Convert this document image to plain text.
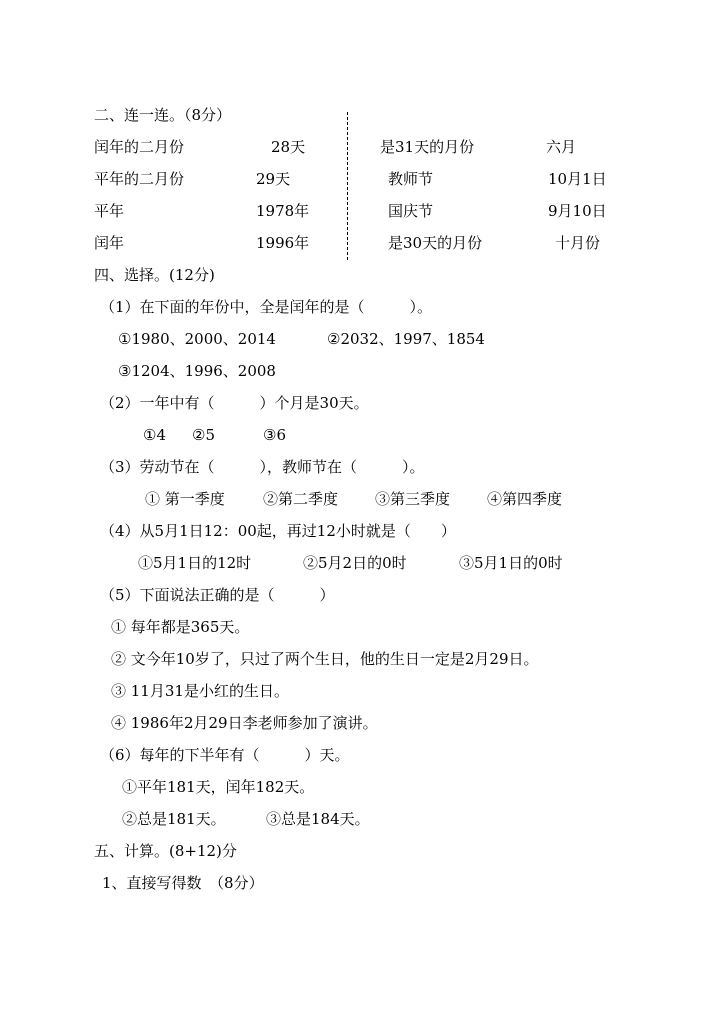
二、连一连。（8分）
闰年的二月份	28天
平年的二月份	29天
平年	1978年
闰年	1996年
是31天的月份	六月
教师节	10月1日
国庆节	9月10日
是30天的月份	十月份
四、选择。(12分)
（1）在下面的年份中，全是闰年的是（　　　）。
①1980、2000、2014	②2032、1997、1854
③1204、1996、2008
（2）一年中有（　　　）个月是30天。
①4 ②5	③6
（3）劳动节在（　　　），教师节在（　　　）。
① 第一季度	②第二季度 ③第三季度 ④第四季度
（4）从5月1日12：00起，再过12小时就是（　　）
①5月1日的12时	②5月2日的0时	③5月1日的0时
（5）下面说法正确的是（　　　）
① 每年都是365天。
② 文今年10岁了，只过了两个生日，他的生日一定是2月29日。
③ 11月31是小红的生日。
④ 1986年2月29日李老师参加了演讲。
（6）每年的下半年有（　　　）天。
①平年181天，闰年182天。
②总是181天。	③总是184天。
五、计算。(8+12)分
1、直接写得数　（8分）
